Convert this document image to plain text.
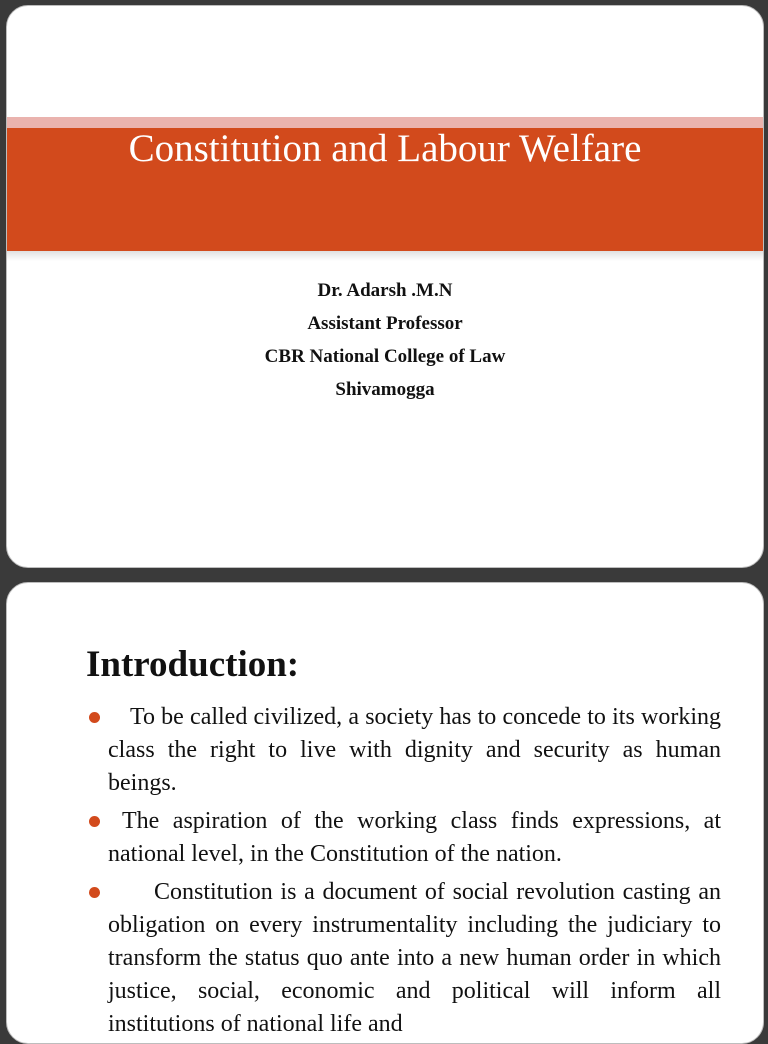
Constitution and Labour Welfare
Dr. Adarsh .M.N
Assistant Professor
CBR National College of Law
Shivamogga
Introduction:
To be called civilized, a society has to concede to its working class the right to live with dignity and security as human beings.
The aspiration of the working class finds expressions, at national level, in the Constitution of the nation.
Constitution is a document of social revolution casting an obligation on every instrumentality including the judiciary to transform the status quo ante into a new human order in which justice, social, economic and political will inform all institutions of national life and
